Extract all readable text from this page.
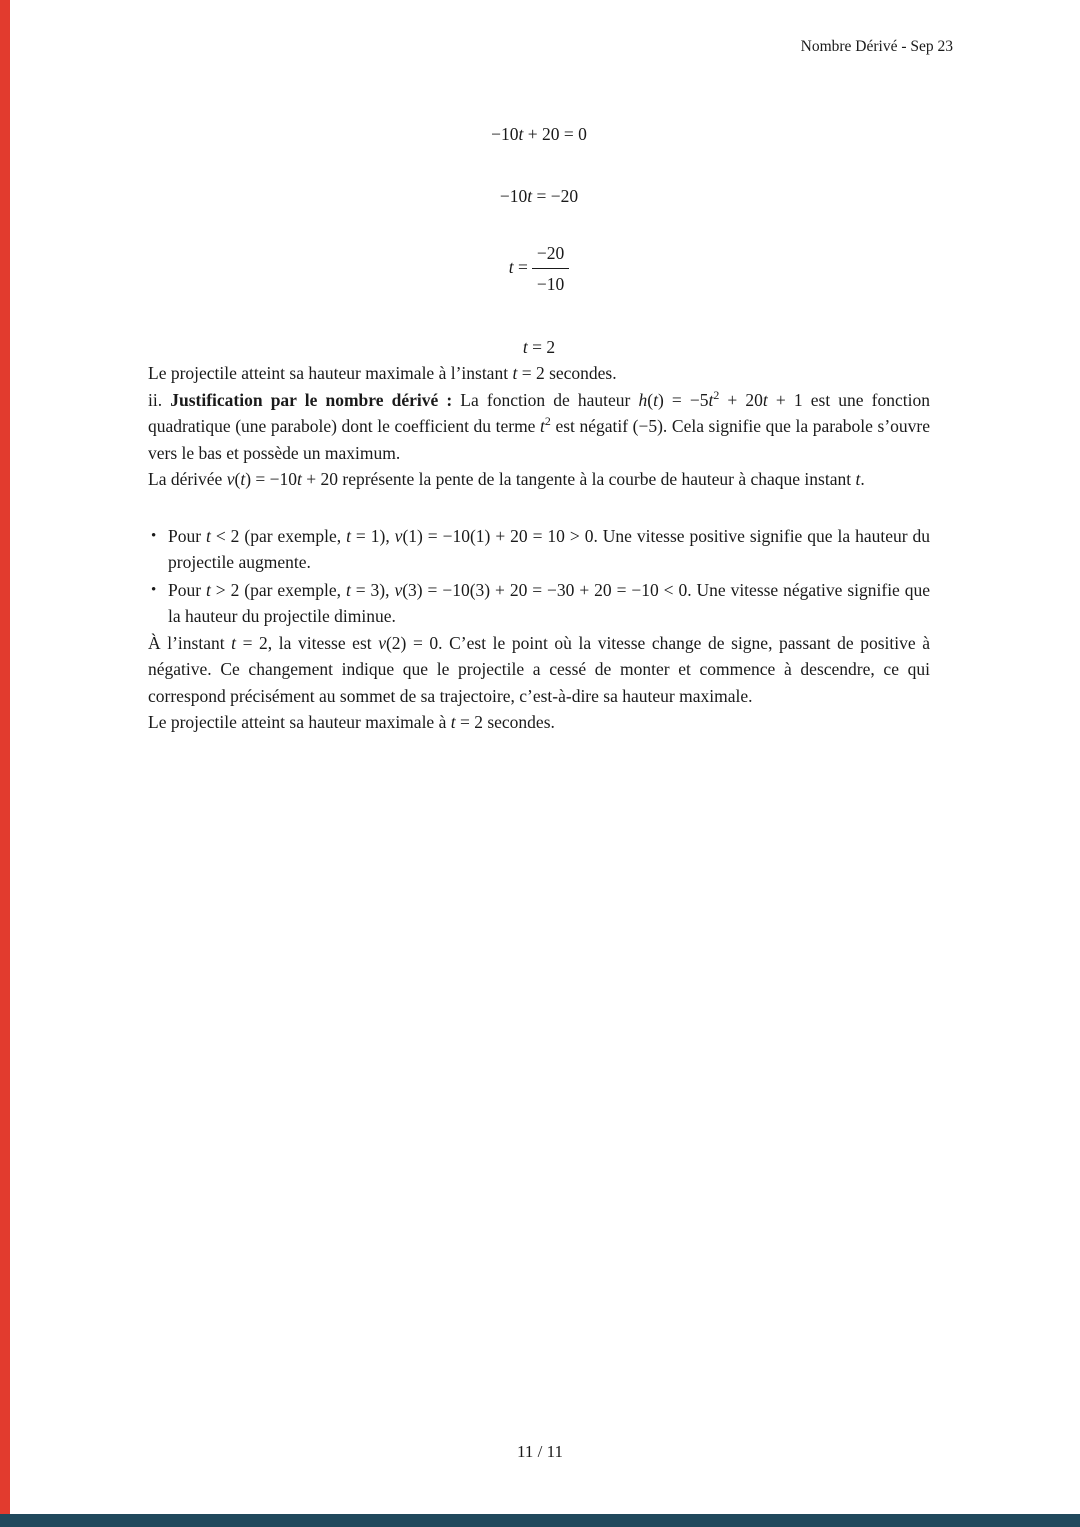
Nombre Dérivé - Sep 23
−10t + 20 = 0
−10t = −20
$t = \frac{-20}{-10}$
t = 2

Le projectile atteint sa hauteur maximale à l’instant t = 2 secondes.

ii. Justification par le nombre dérivé : La fonction de hauteur $h(t) = -5t^2 + 20t + 1$ est une fonction quadratique (une parabole) dont le coefficient du terme $t^2$ est négatif (−5). Cela signifie que la parabole s’ouvre vers le bas et possède un maximum.

La dérivée v(t) = −10t + 20 représente la pente de la tangente à la courbe de hauteur à chaque instant t.

• Pour t < 2 (par exemple, t = 1), v(1) = −10(1) + 20 = 10 > 0. Une vitesse positive signifie que la hauteur du projectile augmente.
• Pour t > 2 (par exemple, t = 3), v(3) = −10(3) + 20 = −30 + 20 = −10 < 0. Une vitesse négative signifie que la hauteur du projectile diminue.

À l’instant t = 2, la vitesse est v(2) = 0. C’est le point où la vitesse change de signe, passant de positive à négative. Ce changement indique que le projectile a cessé de monter et commence à descendre, ce qui correspond précisément au sommet de sa trajectoire, c’est-à-dire sa hauteur maximale.

Le projectile atteint sa hauteur maximale à t = 2 secondes.

11 / 11
